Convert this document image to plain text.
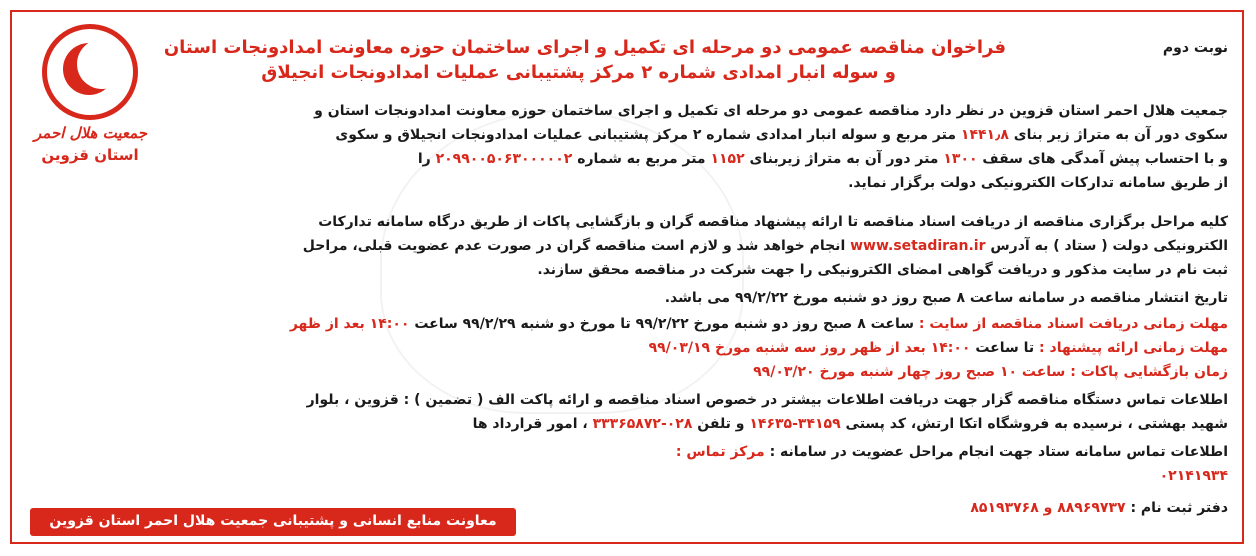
نوبت دوم
فراخوان مناقصه عمومی دو مرحله ای تکمیل و اجرای ساختمان حوزه معاونت امدادونجات استان
و سوله انبار امدادی شماره ۲ مرکز پشتیبانی عملیات امدادونجات انجیلاق
جمعیت هلال احمر
استان قزوین
جمعیت هلال احمر استان قزوین در نظر دارد مناقصه عمومی دو مرحله ای تکمیل و اجرای ساختمان حوزه معاونت امدادونجات استان و
سکوی دور آن به متراژ زیر بنای ۱۴۴۱٫۸ متر مربع و سوله انبار امدادی شماره ۲ مرکز پشتیبانی عملیات امدادونجات انجیلاق و سکوی
و با احتساب پیش آمدگی های سقف ۱۳۰۰ متر دور آن به متراژ زیربنای ۱۱۵۲ متر مربع به شماره ۲۰۹۹۰۰۵۰۶۳۰۰۰۰۰۲ را
از طریق سامانه تدارکات الکترونیکی دولت برگزار نماید.
کلیه مراحل برگزاری مناقصه از دریافت اسناد مناقصه تا ارائه پیشنهاد مناقصه گران و بازگشایی پاکات از طریق درگاه سامانه تدارکات
الکترونیکی دولت ( ستاد ) به آدرس www.setadiran.ir انجام خواهد شد و لازم است مناقصه گران در صورت عدم عضویت قبلی، مراحل
ثبت نام در سایت مذکور و دریافت گواهی امضای الکترونیکی را جهت شرکت در مناقصه محقق سازند.
تاریخ انتشار مناقصه در سامانه ساعت ۸ صبح روز دو شنبه مورخ ۹۹/۲/۲۲ می باشد.
مهلت زمانی دریافت اسناد مناقصه از سایت : ساعت ۸ صبح روز دو شنبه مورخ ۹۹/۲/۲۲ تا مورخ دو شنبه ۹۹/۲/۲۹ ساعت ۱۴:۰۰ بعد از ظهر
مهلت زمانی ارائه پیشنهاد : تا ساعت ۱۴:۰۰ بعد از ظهر روز سه شنبه مورخ ۹۹/۰۳/۱۹
زمان بازگشایی پاکات : ساعت ۱۰ صبح روز چهار شنبه مورخ ۹۹/۰۳/۲۰
اطلاعات تماس دستگاه مناقصه گزار جهت دریافت اطلاعات بیشتر در خصوص اسناد مناقصه و ارائه پاکت الف ( تضمین ) : قزوین ، بلوار
شهید بهشتی ، نرسیده به فروشگاه اتکا ارتش، کد پستی ۳۴۱۵۹-۱۴۶۳۵ و تلفن ۰۲۸-۳۳۳۶۵۸۷۲ ، امور قرارداد ها
اطلاعات تماس سامانه ستاد جهت انجام مراحل عضویت در سامانه : مرکز تماس :
۰۲۱۴۱۹۳۴
دفتر ثبت نام : ۸۸۹۶۹۷۳۷ و ۸۵۱۹۳۷۶۸
معاونت منابع انسانی و پشتیبانی جمعیت هلال احمر استان قزوین
